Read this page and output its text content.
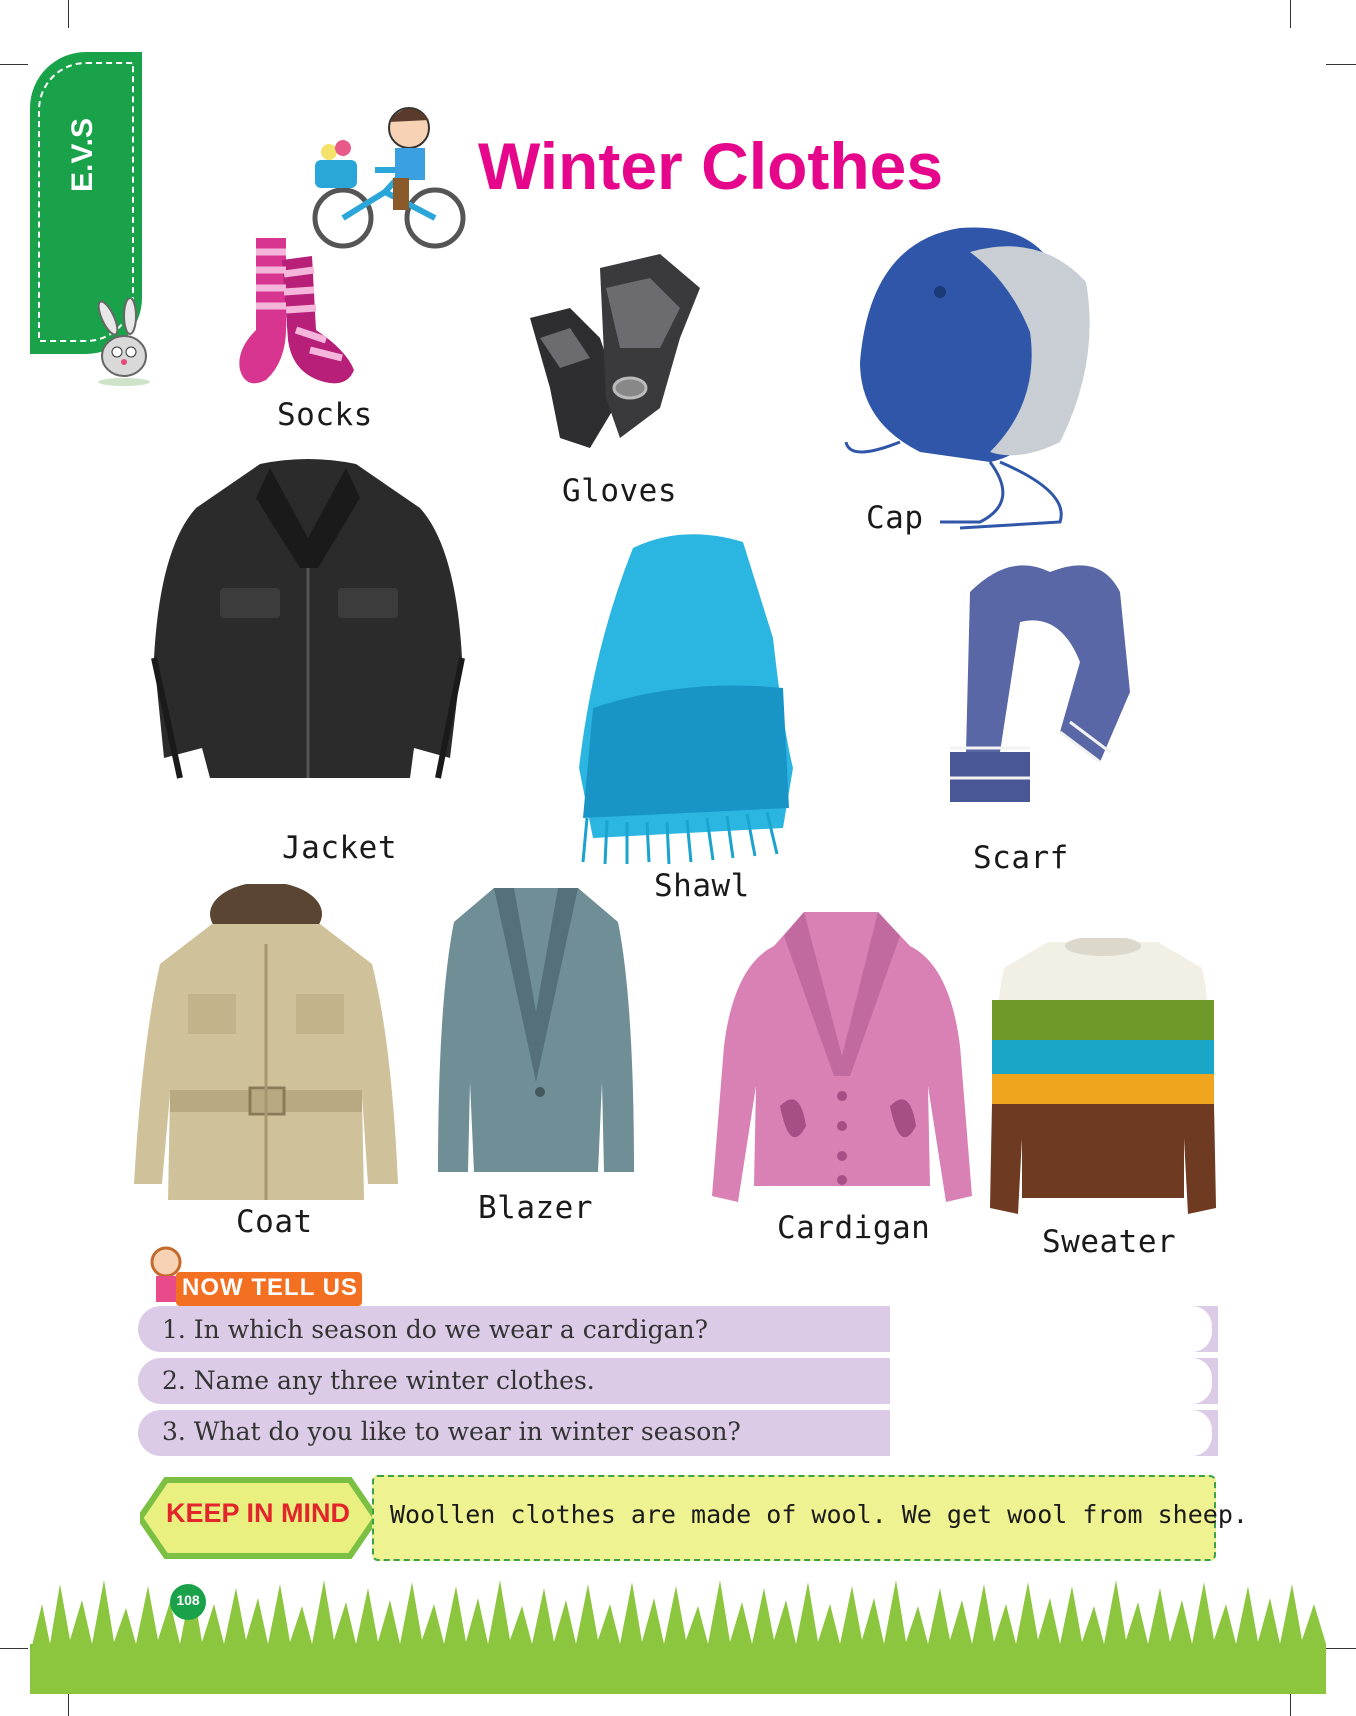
E.V.S	Winter Clothes
Socks
Gloves
Cap
Jacket
Shawl
Scarf
Coat	Blazer
Cardigan	Sweater
NOW TELL US
1. In which season do we wear a cardigan?
2. Name any three winter clothes.
3. What do you like to wear in winter season?
KEEP IN MIND	Woollen clothes are made of wool. We get wool from sheep.
108
